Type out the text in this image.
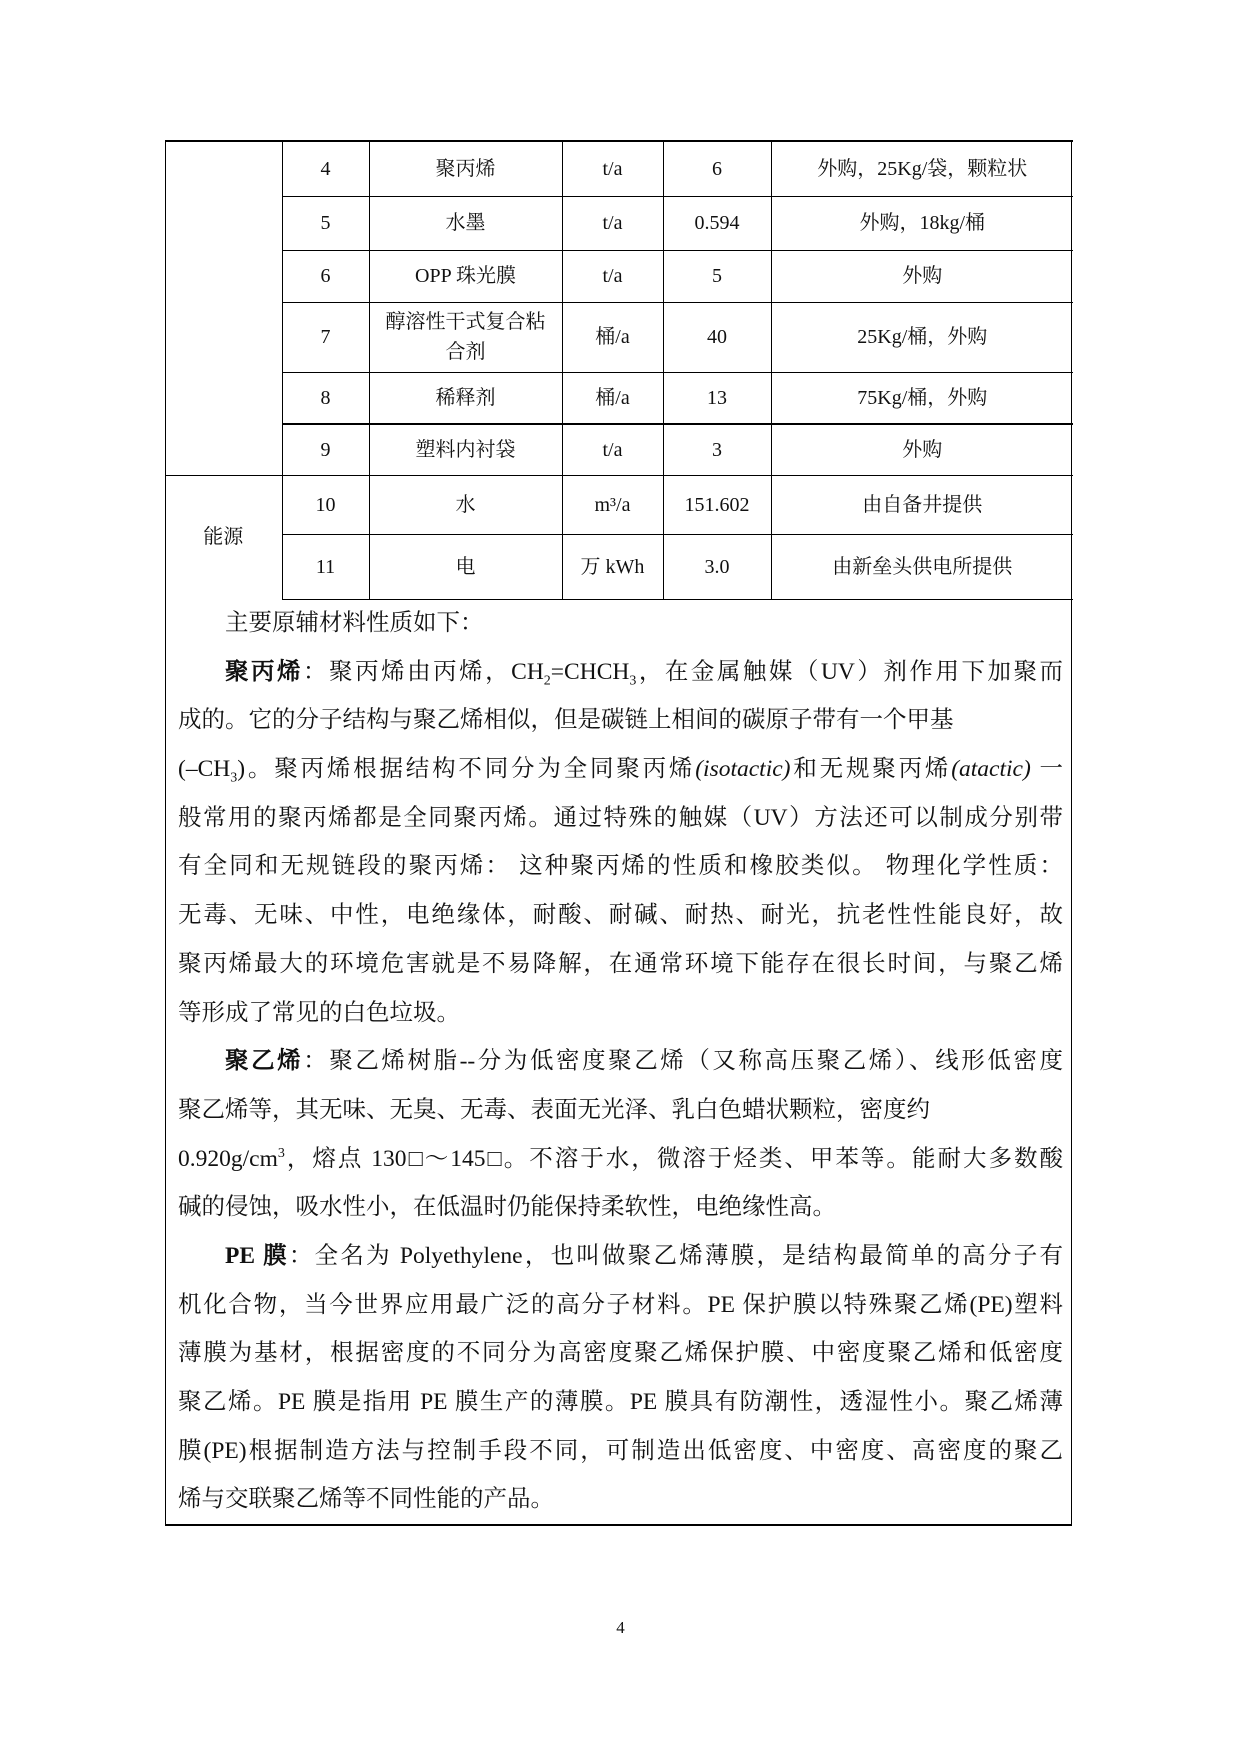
	4	聚丙烯	t/a	6	外购，25Kg/袋，颗粒状
	5	水墨	t/a	0.594	外购，18kg/桶
	6	OPP 珠光膜	t/a	5	外购
	7	醇溶性干式复合粘合剂	桶/a	40	25Kg/桶，外购
	8	稀释剂	桶/a	13	75Kg/桶，外购
	9	塑料内衬袋	t/a	3	外购
能源	10	水	m³/a	151.602	由自备井提供
	11	电	万 kWh	3.0	由新垒头供电所提供
主要原辅材料性质如下：
聚丙烯：聚丙烯由丙烯，$CH_2=CHCH_3$，在金属触媒（UV）剂作用下加聚而
成的。它的分子结构与聚乙烯相似，但是碳链上相间的碳原子带有一个甲基
$(-CH_3)$。聚丙烯根据结构不同分为全同聚丙烯(isotactic)和无规聚丙烯(atactic) 一
般常用的聚丙烯都是全同聚丙烯。通过特殊的触媒（UV）方法还可以制成分别带
有全同和无规链段的聚丙烯： 这种聚丙烯的性质和橡胶类似。 物理化学性质：
无毒、无味、中性，电绝缘体，耐酸、耐碱、耐热、耐光，抗老性性能良好，故
聚丙烯最大的环境危害就是不易降解，在通常环境下能存在很长时间，与聚乙烯
等形成了常见的白色垃圾。
聚乙烯：聚乙烯树脂--分为低密度聚乙烯（又称高压聚乙烯）、线形低密度
聚乙烯等，其无味、无臭、无毒、表面无光泽、乳白色蜡状颗粒，密度约
$0.920g/cm^3$，熔点 130□～145□。不溶于水，微溶于烃类、甲苯等。能耐大多数酸
碱的侵蚀，吸水性小，在低温时仍能保持柔软性，电绝缘性高。
PE 膜：全名为 Polyethylene，也叫做聚乙烯薄膜，是结构最简单的高分子有
机化合物，当今世界应用最广泛的高分子材料。PE 保护膜以特殊聚乙烯(PE)塑料
薄膜为基材，根据密度的不同分为高密度聚乙烯保护膜、中密度聚乙烯和低密度
聚乙烯。PE 膜是指用 PE 膜生产的薄膜。PE 膜具有防潮性，透湿性小。聚乙烯薄
膜(PE)根据制造方法与控制手段不同，可制造出低密度、中密度、高密度的聚乙
烯与交联聚乙烯等不同性能的产品。
4
